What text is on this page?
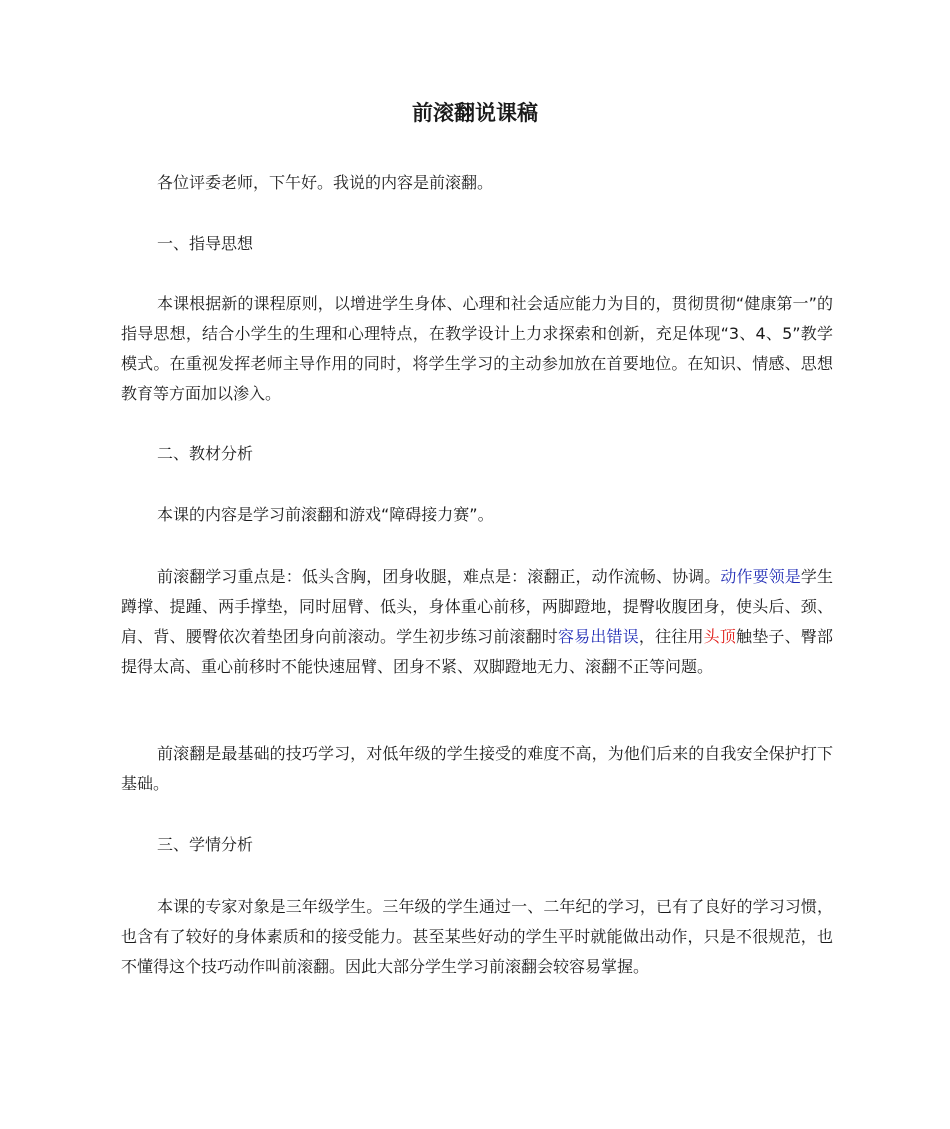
前滚翻说课稿

各位评委老师，下午好。我说的内容是前滚翻。

一、指导思想

本课根据新的课程原则，以增进学生身体、心理和社会适应能力为目的，贯彻贯彻“健康第一”的指导思想，结合小学生的生理和心理特点，在教学设计上力求探索和创新，充足体现“3、4、5”教学模式。在重视发挥老师主导作用的同时，将学生学习的主动参加放在首要地位。在知识、情感、思想教育等方面加以渗入。

二、教材分析

本课的内容是学习前滚翻和游戏“障碍接力赛”。

前滚翻学习重点是：低头含胸，团身收腿，难点是：滚翻正，动作流畅、协调。动作要领是学生蹲撑、提踵、两手撑垫，同时屈臂、低头，身体重心前移，两脚蹬地，提臀收腹团身，使头后、颈、肩、背、腰臀依次着垫团身向前滚动。学生初步练习前滚翻时容易出错误，往往用头顶触垫子、臀部提得太高、重心前移时不能快速屈臂、团身不紧、双脚蹬地无力、滚翻不正等问题。

前滚翻是最基础的技巧学习，对低年级的学生接受的难度不高，为他们后来的自我安全保护打下基础。

三、学情分析

本课的专家对象是三年级学生。三年级的学生通过一、二年纪的学习，已有了良好的学习习惯，也含有了较好的身体素质和的接受能力。甚至某些好动的学生平时就能做出动作，只是不很规范，也不懂得这个技巧动作叫前滚翻。因此大部分学生学习前滚翻会较容易掌握。
